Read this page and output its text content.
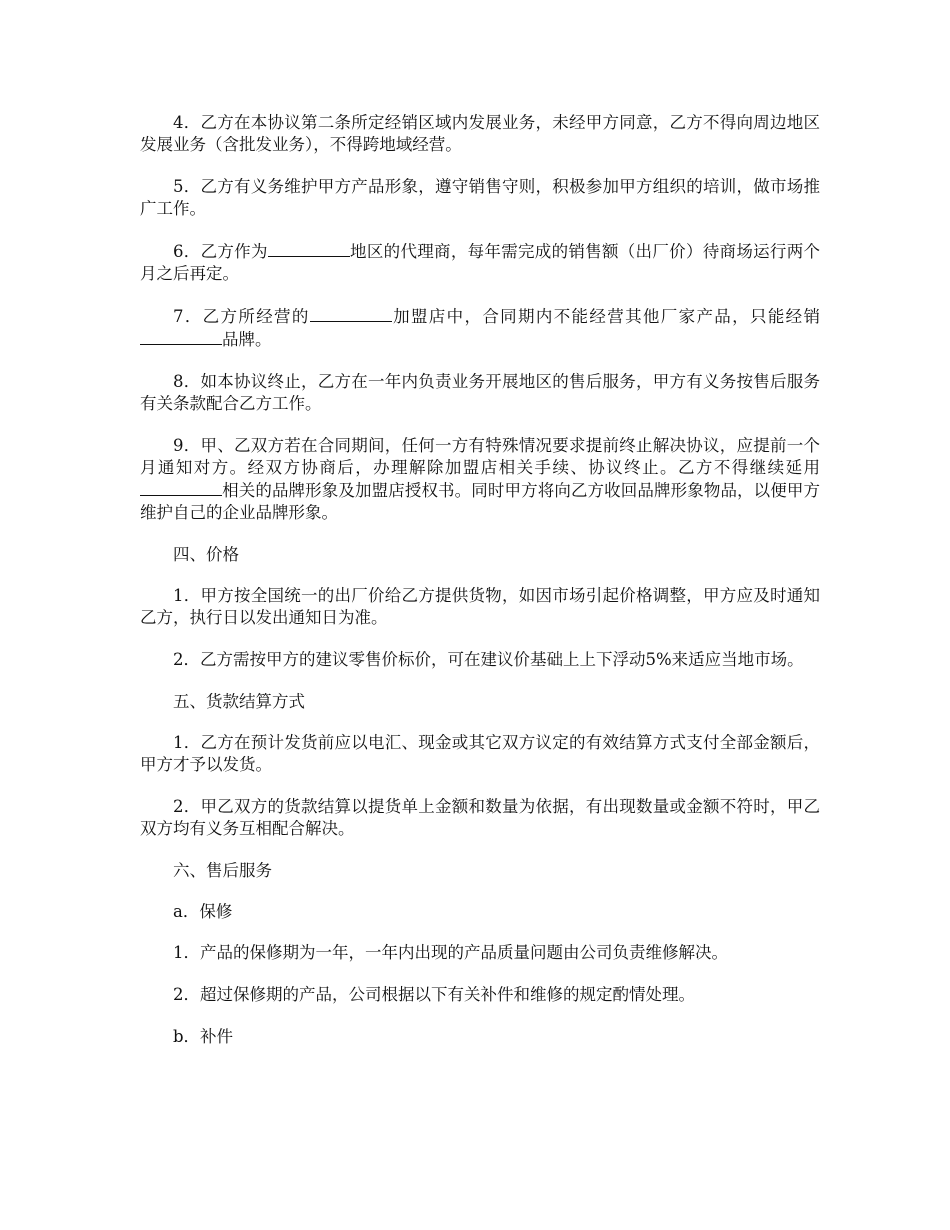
4．乙方在本协议第二条所定经销区域内发展业务，未经甲方同意，乙方不得向周边地区发展业务（含批发业务），不得跨地域经营。

5．乙方有义务维护甲方产品形象，遵守销售守则，积极参加甲方组织的培训，做市场推广工作。

6．乙方作为	地区的代理商，每年需完成的销售额（出厂价）待商场运行两个月之后再定。

7．乙方所经营的	加盟店中，合同期内不能经营其他厂家产品，只能经销品牌。

8．如本协议终止，乙方在一年内负责业务开展地区的售后服务，甲方有义务按售后服务有关条款配合乙方工作。

9．甲、乙双方若在合同期间，任何一方有特殊情况要求提前终止解决协议，应提前一个月通知对方。经双方协商后，办理解除加盟店相关手续、协议终止。乙方不得继续延用相关的品牌形象及加盟店授权书。同时甲方将向乙方收回品牌形象物品，以便甲方维护自己的企业品牌形象。

四、价格

1．甲方按全国统一的出厂价给乙方提供货物，如因市场引起价格调整，甲方应及时通知乙方，执行日以发出通知日为准。

2．乙方需按甲方的建议零售价标价，可在建议价基础上上下浮动5%来适应当地市场。

五、货款结算方式

1．乙方在预计发货前应以电汇、现金或其它双方议定的有效结算方式支付全部金额后，甲方才予以发货。

2．甲乙双方的货款结算以提货单上金额和数量为依据，有出现数量或金额不符时，甲乙双方均有义务互相配合解决。

六、售后服务

a．保修

1．产品的保修期为一年，一年内出现的产品质量问题由公司负责维修解决。

2．超过保修期的产品，公司根据以下有关补件和维修的规定酌情处理。

b．补件
